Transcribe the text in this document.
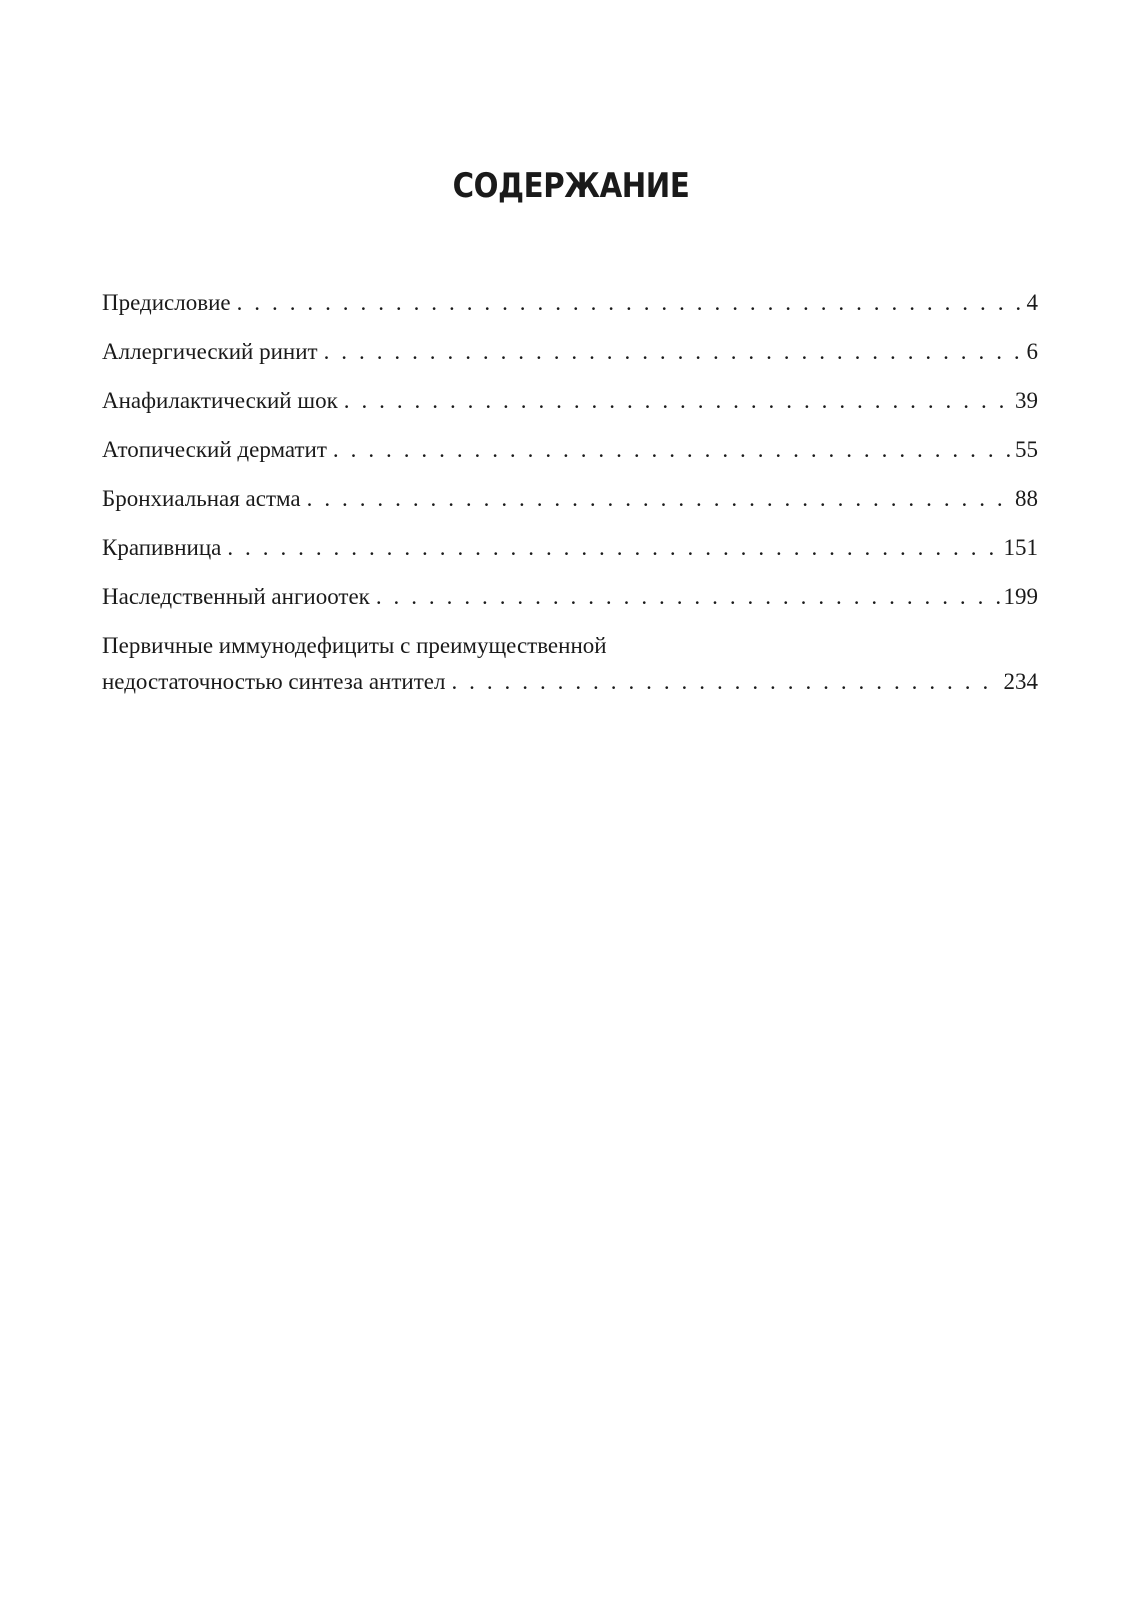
СОДЕРЖАНИЕ
Предисловие . . .	4
Аллергический ринит . . .	6
Анафилактический шок . . .	39
Атопический дерматит . . .	55
Бронхиальная астма . . .	88
Крапивница . . .	151
Наследственный ангиоотек . . .	199
Первичные иммунодефициты с преимущественной
недостаточностью синтеза антител . . .	234
